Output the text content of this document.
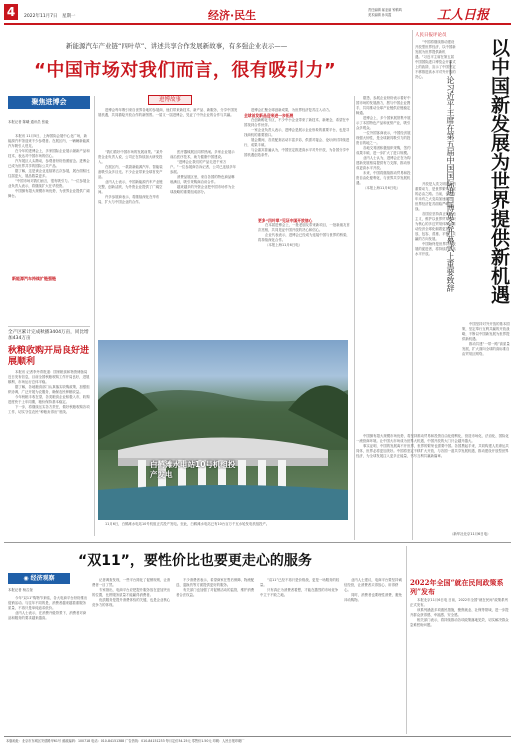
4	2022年11月7日 星期一	经济·民生	责任编辑 郝亚丽 钟鹤鸣
美术编辑 孙凤霞	工人日报
新能源汽车产业链“四叶草”、讲述共享合作发展新故事，有多强企业表示——
“中国市场对我们而言，很有吸引力”
聚焦进博会
本报记者 陈曦 通讯员 张毅

本报讯 11月5日，上海国际会展中心北广场，新能源汽车馆迎来不少参观者。在展区内，一辆辆新能源汽车吸引人驻足。

在今年的进博会上，多家国际企业展示最新产品和技术，表达对中国市场的信心。

汽车展区人头攒动，参观者纷纷拍照留念。进博会已成为世界共享的国际公共产品。

据了解，这是该企业连续第五次参展，展台面积比往届更大，展品数量更多。

“中国市场对我们而言，很有吸引力。”一位参展企业负责人表示，将继续扩大在华投资。

中国拥有超大规模市场优势，为世界企业提供广阔舞台。

新能源汽车持续扩链强链
全产区累计完成秋播3404万亩，同比增加434万亩
秋粮收购开局良好进展顺利

本报讯 记者李丹青报道：国家粮食和物资储备局近日发布信息，目前全国秋粮收购工作开局良好，进展顺利，市场运行总体平稳。

据了解，各地粮食部门认真落实收购政策，加强组织协调，广泛开展为农服务，确保农民种粮收益。

今年秋粮丰收在望，各类粮食企业积极入市，收购进度快于上年同期，粮价保持基本稳定。

下一步，将继续压实各方责任，做好秋粮收购各项工作，切实守住农民“种粮卖得出”底线。

进博故事

进博会每年吸引来自世界各地的参展商，他们带来新技术、新产品、新服务，分享中国发展机遇，共同描绘开放合作的新图景。一届又一届进博会，见证了中外企业的合作与共赢。

“我们看好中国市场的发展前景。”某外资企业负责人说，公司正在持续加大研发投入。

在展区内，一款款新能源汽车、智能装备吸引众多目光。不少企业带来全球首发产品。

业内人士表示，中国新能源汽车产业链完整，创新活跃，为外资企业提供了广阔空间。

许多参展商表示，将继续深化在华布局，扩大与中国企业的合作。

医疗器械展区同样热闹。多家企业展示前沿医疗技术，助力健康中国建设。

“进博会让我们的产品走进千家万户。”一位参展商告诉记者，公司已连续多年参展。

消费品展区里，来自各国的特色商品琳琅满目，吸引采购商洽谈合作。

越来越多的外资企业把中国市场作为全球战略的重要组成部分。

进博会汇聚全球创新成果，为世界经济复苏注入动力。

全球首发新品迎来进一步拓展

在创新孵化专区，不少中小企业带来了新技术、新理念，希望在中国找到合作伙伴。

一家企业负责人表示，进博会是展示企业形象的重要平台，也是寻找商机的重要窗口。

展会期间，各类配套活动丰富多彩，供需对接会、论坛研讨持续进行，成果丰硕。

与会嘉宾普遍认为，中国坚定推进高水平对外开放，为各国分享中国机遇创造条件。

更多“四叶草”见证中国开放信心

在本届进博会上，一批老朋友带来新项目，一批新朋友首次亮相，共同见证中国开放的决心和信心。

企业代表表示，进博会已经成为连接中国与世界的桥梁，将持续深化合作。

（本报上海11月6日电）

白鹤滩水电站10号机组投产发电

11月6日，白鹤滩水电站10号机组正式投产发电。至此，白鹤滩水电站已有10台百万千瓦水轮发电机组投产。

据悉，参展企业纷纷表示看好中国市场的发展潜力，愿与中国企业携手，共同推动全球产业链供应链稳定畅通。

进博会上，多个国家展馆集中展示了本国特色产品和优势产业，吸引众多观众。

一位外国客商表示，中国经济展现强大韧性，是全球最具吸引力的投资目的地之一。

各地交易团积极组织采购，签约成果丰硕，进一步扩大了进口规模。

业内人士认为，进博会正在为构建新发展格局提供有力支撑，推动形成更高水平开放。

未来，中国将继续推动贸易和投资自由化便利化，与世界共享发展机遇。

（本报上海11月6日电）

人民日报评论员

“中国将继续推动建设开放型世界经济，以中国新发展为世界提供新机遇。”习近平主席在第五届中国国际进口博览会开幕式上的致辞，宣示了中国坚定不移推进高水平对外开放的决心。	以中国新发展为世界提供新机遇
——论习近平主席在第五届中国国际进口博览会开幕式上重要致辞

开放是人类文明进步的重要动力，是世界繁荣发展的必由之路。当前，世界百年未有之大变局加速演进，世界经济复苏面临严峻挑战。

各国应坚持真正的多边主义，维护以世界贸易组织为核心的多边贸易体制，推动经济全球化朝着更加开放、包容、普惠、平衡、共赢的方向发展。

中国始终是世界共同发展的促进者，将持续扩大高水平开放。

中国坚持对外开放的基本国策，坚定奉行互利共赢的开放战略，不断以中国新发展为世界提供新机遇。

推动共建“一带一路”高质量发展，扩大面向全球的高标准自由贸易区网络。

中国拥有超大规模市场优势，将坚持推动贸易和投资自由化便利化，营造市场化、法治化、国际化一流营商环境。让中国大市场成为世界大机遇，中国开放的大门只会越开越大。

事实证明，中国的发展离不开世界，世界的繁荣也需要中国。各国携起手来，共同构建人类命运共同体，世界必将更加美好。中国将坚定不移扩大开放，与各国一道共享发展机遇，推动建设开放型世界经济，为全球发展注入更多正能量，书写互利共赢新篇章。

（新华社北京11月6日电）
“双11”，要性价比也要更走心的服务
◉ 经济观察
本报记者 杨召奎

今年“双11”购物节来临，各大电商平台纷纷推出促销活动。与往年不同的是，消费者越来越看重服务质量，不再只是单纯追求低价。

业内人士表示，在消费升级背景下，消费者对商品和服务的要求越来越高。

记者调查发现，一些平台简化了促销规则，让消费者一目了然。

专家指出，电商平台应把提升服务放在更加突出的位置，比拼服务质量才能赢得消费者。

优质服务是提升消费体验的关键，也是企业核心竞争力的体现。

不少消费者表示，希望商家在售后保障、物流配送、退换货等方面提供更好的服务。

有关部门也加强了对促销活动的监管，维护消费者合法权益。

“双11”已经不再只是价格战，更是一场服务的较量。

只有真正为消费者着想，才能在激烈的市场竞争中立于不败之地。

业内人士建议，电商平台要坚持诚信经营，让消费者买得放心、用得舒心。

同时，消费者也要理性消费，避免冲动购物。

2022年全国“就在民间政策系列”发布

本报北京11月6日电 日前，2022年全国“就在民间”政策系列正式发布。

该系列涵盖多项惠民措施，聚焦就业、社保等领域，进一步提升群众获得感、幸福感、安全感。

相关部门表示，将持续推动各项政策落地见效，切实解决群众急难愁盼问题。

本版地址：北京市东城区安德路甲61号 邮政编码：100718 电话：010-84151388 广告热线：010-84151233 每月定价34.25元 零售价1.50元 印刷：人民日报印刷厂
